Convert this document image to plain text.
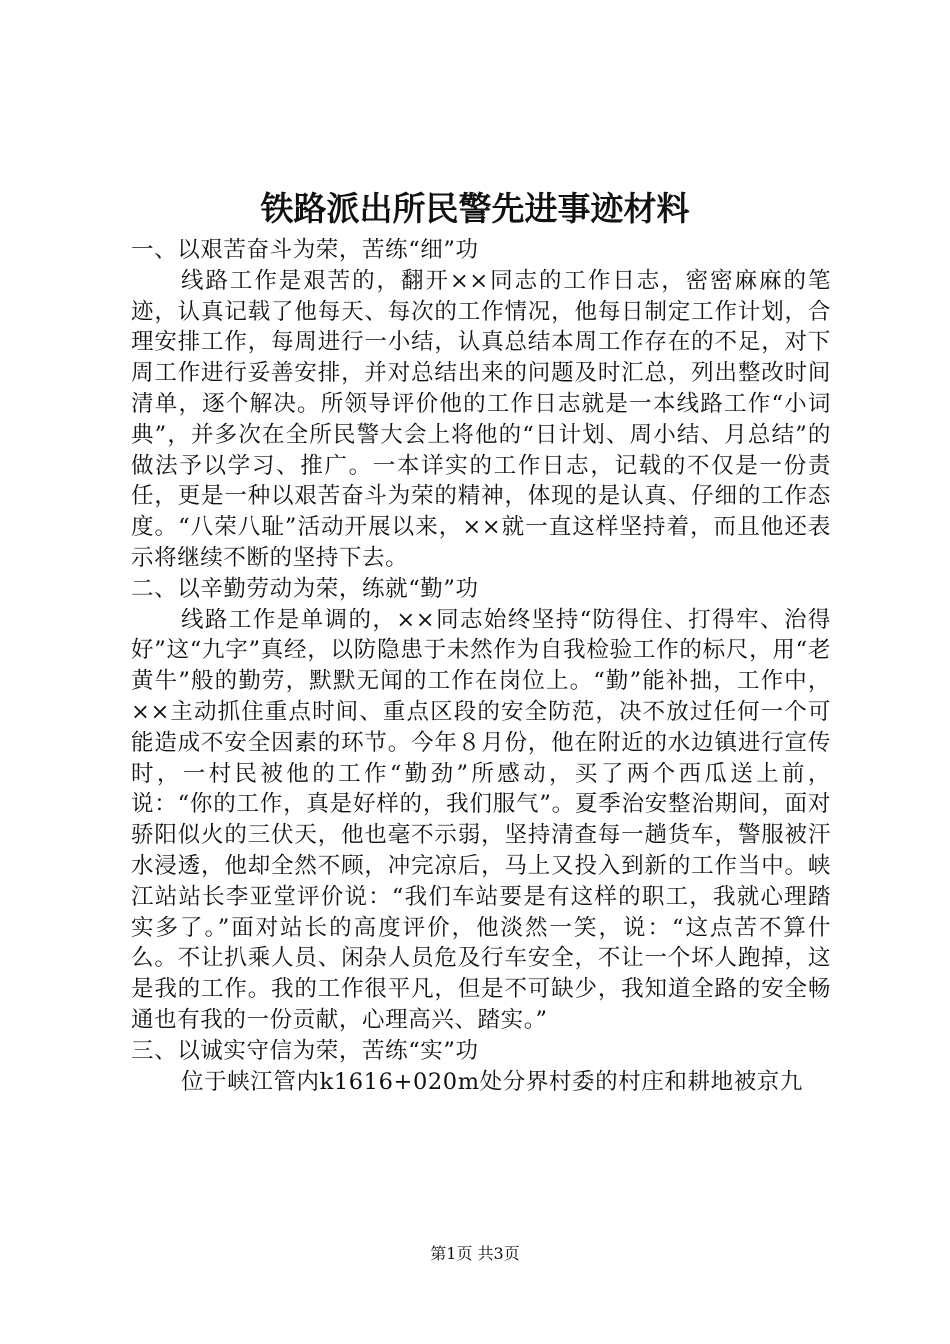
铁路派出所民警先进事迹材料

一、以艰苦奋斗为荣，苦练“细”功

线路工作是艰苦的，翻开××同志的工作日志，密密麻麻的笔迹，认真记载了他每天、每次的工作情况，他每日制定工作计划，合理安排工作，每周进行一小结，认真总结本周工作存在的不足，对下周工作进行妥善安排，并对总结出来的问题及时汇总，列出整改时间清单，逐个解决。所领导评价他的工作日志就是一本线路工作“小词典”，并多次在全所民警大会上将他的“日计划、周小结、月总结”的做法予以学习、推广。一本详实的工作日志，记载的不仅是一份责任，更是一种以艰苦奋斗为荣的精神，体现的是认真、仔细的工作态度。“八荣八耻”活动开展以来，××就一直这样坚持着，而且他还表示将继续不断的坚持下去。

二、以辛勤劳动为荣，练就“勤”功

线路工作是单调的，××同志始终坚持“防得住、打得牢、治得好”这“九字”真经，以防隐患于未然作为自我检验工作的标尺，用“老黄牛”般的勤劳，默默无闻的工作在岗位上。“勤”能补拙，工作中，××主动抓住重点时间、重点区段的安全防范，决不放过任何一个可能造成不安全因素的环节。今年８月份，他在附近的水边镇进行宣传时，一村民被他的工作“勤劲”所感动，买了两个西瓜送上前，说：“你的工作，真是好样的，我们服气”。夏季治安整治期间，面对骄阳似火的三伏天，他也毫不示弱，坚持清查每一趟货车，警服被汗水浸透，他却全然不顾，冲完凉后，马上又投入到新的工作当中。峡江站站长李亚堂评价说：“我们车站要是有这样的职工，我就心理踏实多了。”面对站长的高度评价，他淡然一笑，说：“这点苦不算什么。不让扒乘人员、闲杂人员危及行车安全，不让一个坏人跑掉，这是我的工作。我的工作很平凡，但是不可缺少，我知道全路的安全畅通也有我的一份贡献，心理高兴、踏实。”

三、以诚实守信为荣，苦练“实”功

位于峡江管内k1616+020m处分界村委的村庄和耕地被京九

第1页 共3页
